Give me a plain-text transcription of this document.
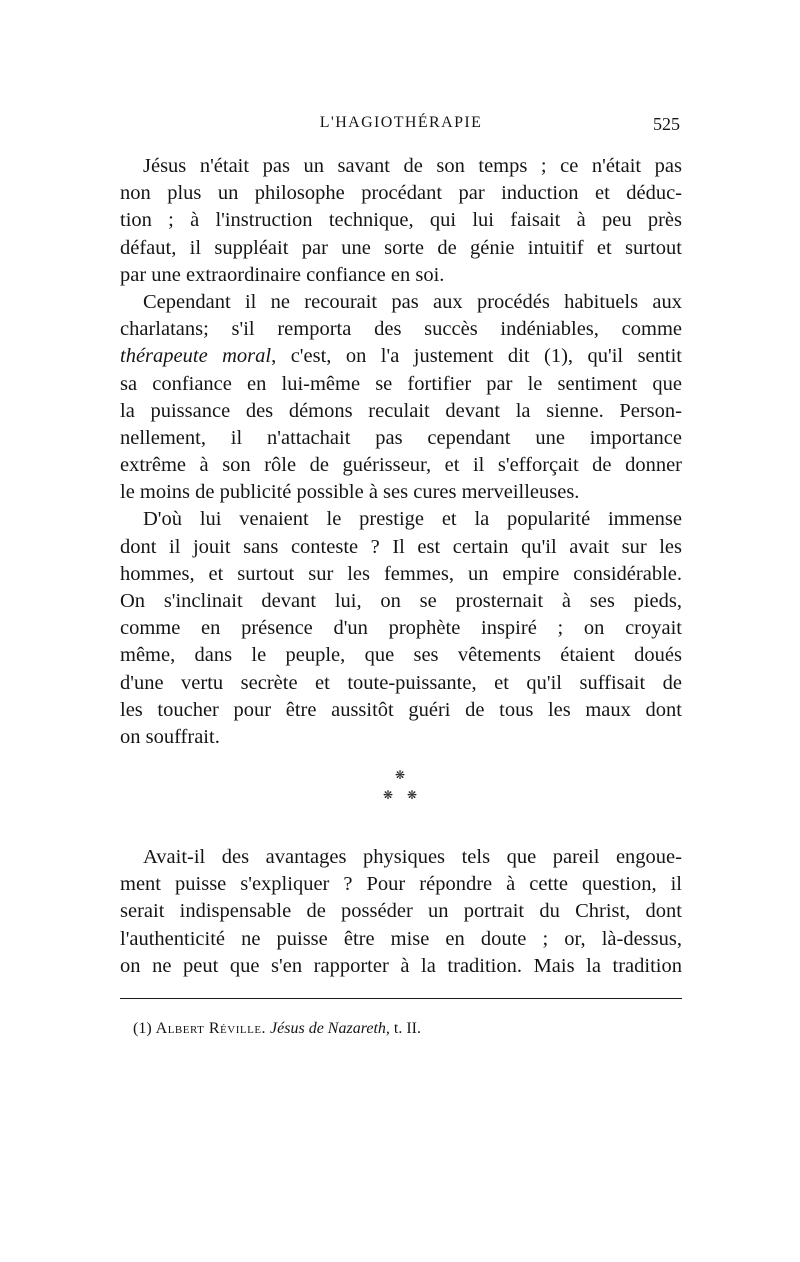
L'HAGIOTHÉRAPIE	525
Jésus n'était pas un savant de son temps ; ce n'était pas
non plus un philosophe procédant par induction et déduc-
tion ; à l'instruction technique, qui lui faisait à peu près
défaut, il suppléait par une sorte de génie intuitif et surtout
par une extraordinaire confiance en soi.
Cependant il ne recourait pas aux procédés habituels aux
charlatans; s'il remporta des succès indéniables, comme
thérapeute moral, c'est, on l'a justement dit (1), qu'il sentit
sa confiance en lui-même se fortifier par le sentiment que
la puissance des démons reculait devant la sienne. Person-
nellement, il n'attachait pas cependant une importance
extrême à son rôle de guérisseur, et il s'efforçait de donner
le moins de publicité possible à ses cures merveilleuses.
D'où lui venaient le prestige et la popularité immense
dont il jouit sans conteste ? Il est certain qu'il avait sur les
hommes, et surtout sur les femmes, un empire considérable.
On s'inclinait devant lui, on se prosternait à ses pieds,
comme en présence d'un prophète inspiré ; on croyait
même, dans le peuple, que ses vêtements étaient doués
d'une vertu secrète et toute-puissante, et qu'il suffisait de
les toucher pour être aussitôt guéri de tous les maux dont
on souffrait.
❋
❋ ❋
Avait-il des avantages physiques tels que pareil engoue-
ment puisse s'expliquer ? Pour répondre à cette question, il
serait indispensable de posséder un portrait du Christ, dont
l'authenticité ne puisse être mise en doute ; or, là-dessus,
on ne peut que s'en rapporter à la tradition. Mais la tradition
(1) Albert Réville. Jésus de Nazareth, t. II.
